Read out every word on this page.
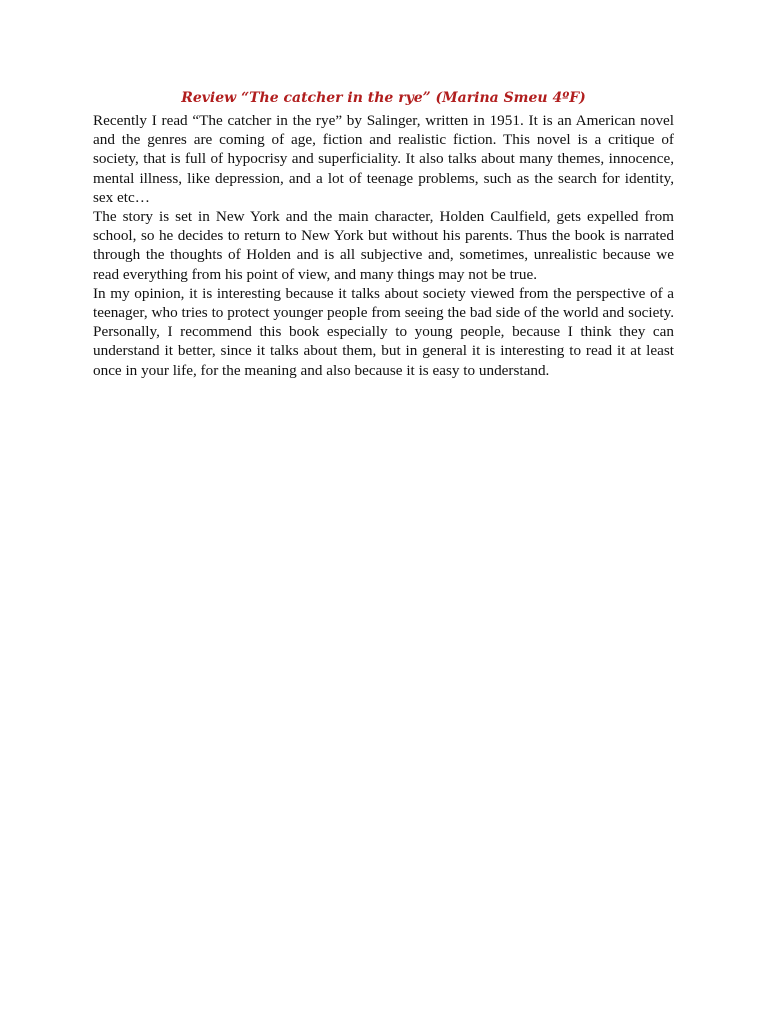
Review “The catcher in the rye” (Marina Smeu 4ºF)

Recently I read “The catcher in the rye” by Salinger, written in 1951. It is an American novel and the genres are coming of age, fiction and realistic fiction. This novel is a critique of society, that is full of hypocrisy and superficiality. It also talks about many themes, innocence, mental illness, like depression, and a lot of teenage problems, such as the search for identity, sex etc…

The story is set in New York and the main character, Holden Caulfield, gets expelled from school, so he decides to return to New York but without his parents. Thus the book is narrated through the thoughts of Holden and is all subjective and, sometimes, unrealistic because we read everything from his point of view, and many things may not be true.

In my opinion, it is interesting because it talks about society viewed from the perspective of a teenager, who tries to protect younger people from seeing the bad side of the world and society. Personally, I recommend this book especially to young people, because I think they can understand it better, since it talks about them, but in general it is interesting to read it at least once in your life, for the meaning and also because it is easy to understand.
